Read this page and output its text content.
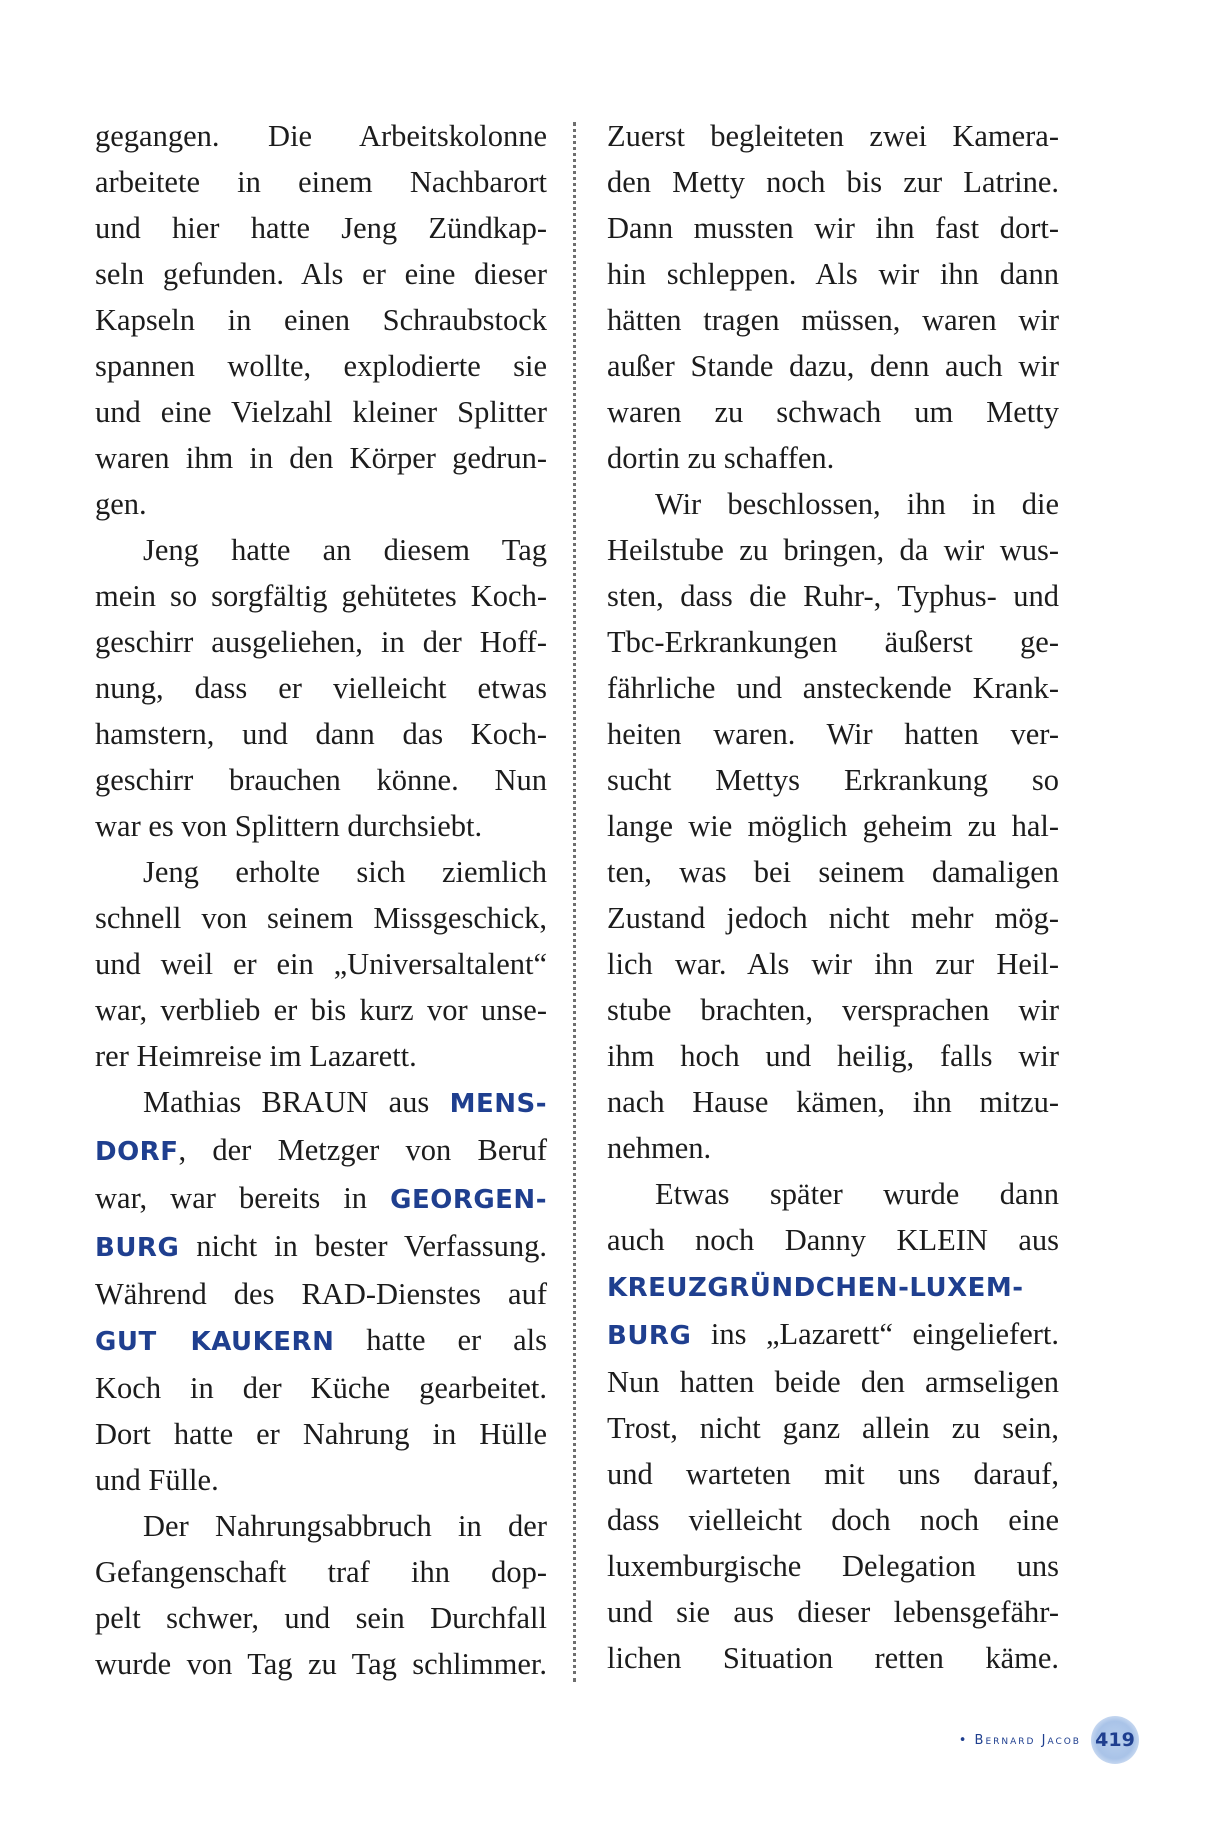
gegangen. Die Arbeitskolonne
arbeitete in einem Nachbarort
und hier hatte Jeng Zündkap-
seln gefunden. Als er eine dieser
Kapseln in einen Schraubstock
spannen wollte, explodierte sie
und eine Vielzahl kleiner Splitter
waren ihm in den Körper gedrun-
gen.
Jeng hatte an diesem Tag
mein so sorgfältig gehütetes Koch-
geschirr ausgeliehen, in der Hoff-
nung, dass er vielleicht etwas
hamstern, und dann das Koch-
geschirr brauchen könne. Nun
war es von Splittern durchsiebt.
Jeng erholte sich ziemlich
schnell von seinem Missgeschick,
und weil er ein „Universaltalent“
war, verblieb er bis kurz vor unse-
rer Heimreise im Lazarett.
Mathias BRAUN aus MENS-
DORF, der Metzger von Beruf
war, war bereits in GEORGEN-
BURG nicht in bester Verfassung.
Während des RAD-Dienstes auf
GUT KAUKERN hatte er als
Koch in der Küche gearbeitet.
Dort hatte er Nahrung in Hülle
und Fülle.
Der Nahrungsabbruch in der
Gefangenschaft traf ihn dop-
pelt schwer, und sein Durchfall
wurde von Tag zu Tag schlimmer.
Zuerst begleiteten zwei Kamera-
den Metty noch bis zur Latrine.
Dann mussten wir ihn fast dort-
hin schleppen. Als wir ihn dann
hätten tragen müssen, waren wir
außer Stande dazu, denn auch wir
waren zu schwach um Metty
dortin zu schaffen.
Wir beschlossen, ihn in die
Heilstube zu bringen, da wir wus-
sten, dass die Ruhr-, Typhus- und
Tbc-Erkrankungen äußerst ge-
fährliche und ansteckende Krank-
heiten waren. Wir hatten ver-
sucht Mettys Erkrankung so
lange wie möglich geheim zu hal-
ten, was bei seinem damaligen
Zustand jedoch nicht mehr mög-
lich war. Als wir ihn zur Heil-
stube brachten, versprachen wir
ihm hoch und heilig, falls wir
nach Hause kämen, ihn mitzu-
nehmen.
Etwas später wurde dann
auch noch Danny KLEIN aus
KREUZGRÜNDCHEN-LUXEM-
BURG ins „Lazarett“ eingeliefert.
Nun hatten beide den armseligen
Trost, nicht ganz allein zu sein,
und warteten mit uns darauf,
dass vielleicht doch noch eine
luxemburgische Delegation uns
und sie aus dieser lebensgefähr-
lichen Situation retten käme.
• Bernard Jacob 419
